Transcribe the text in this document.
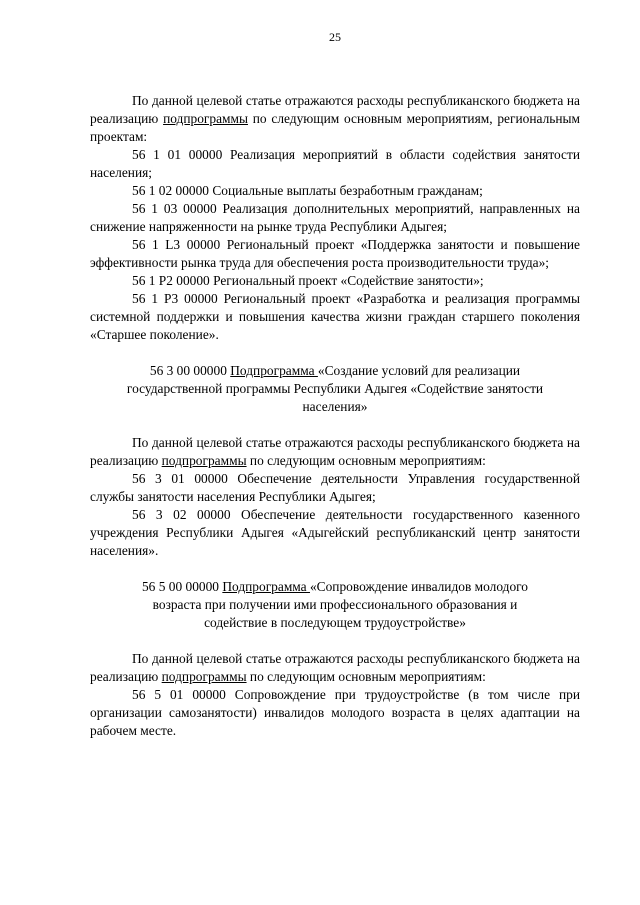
25

По данной целевой статье отражаются расходы республиканского бюджета на реализацию подпрограммы по следующим основным мероприятиям, региональным проектам:

56 1 01 00000 Реализация мероприятий в области содействия занятости населения;

56 1 02 00000 Социальные выплаты безработным гражданам;

56 1 03 00000 Реализация дополнительных мероприятий, направленных на снижение напряженности на рынке труда Республики Адыгея;

56 1 L3 00000 Региональный проект «Поддержка занятости и повышение эффективности рынка труда для обеспечения роста производительности труда»;

56 1 P2 00000 Региональный проект «Содействие занятости»;

56 1 P3 00000 Региональный проект «Разработка и реализация программы системной поддержки и повышения качества жизни граждан старшего поколения «Старшее поколение».

56 3 00 00000 Подпрограмма «Создание условий для реализации государственной программы Республики Адыгея «Содействие занятости населения»

По данной целевой статье отражаются расходы республиканского бюджета на реализацию подпрограммы по следующим основным мероприятиям:

56 3 01 00000 Обеспечение деятельности Управления государственной службы занятости населения Республики Адыгея;

56 3 02 00000 Обеспечение деятельности государственного казенного учреждения Республики Адыгея «Адыгейский республиканский центр занятости населения».

56 5 00 00000 Подпрограмма «Сопровождение инвалидов молодого возраста при получении ими профессионального образования и содействие в последующем трудоустройстве»

По данной целевой статье отражаются расходы республиканского бюджета на реализацию подпрограммы по следующим основным мероприятиям:

56 5 01 00000 Сопровождение при трудоустройстве (в том числе при организации самозанятости) инвалидов молодого возраста в целях адаптации на рабочем месте.
